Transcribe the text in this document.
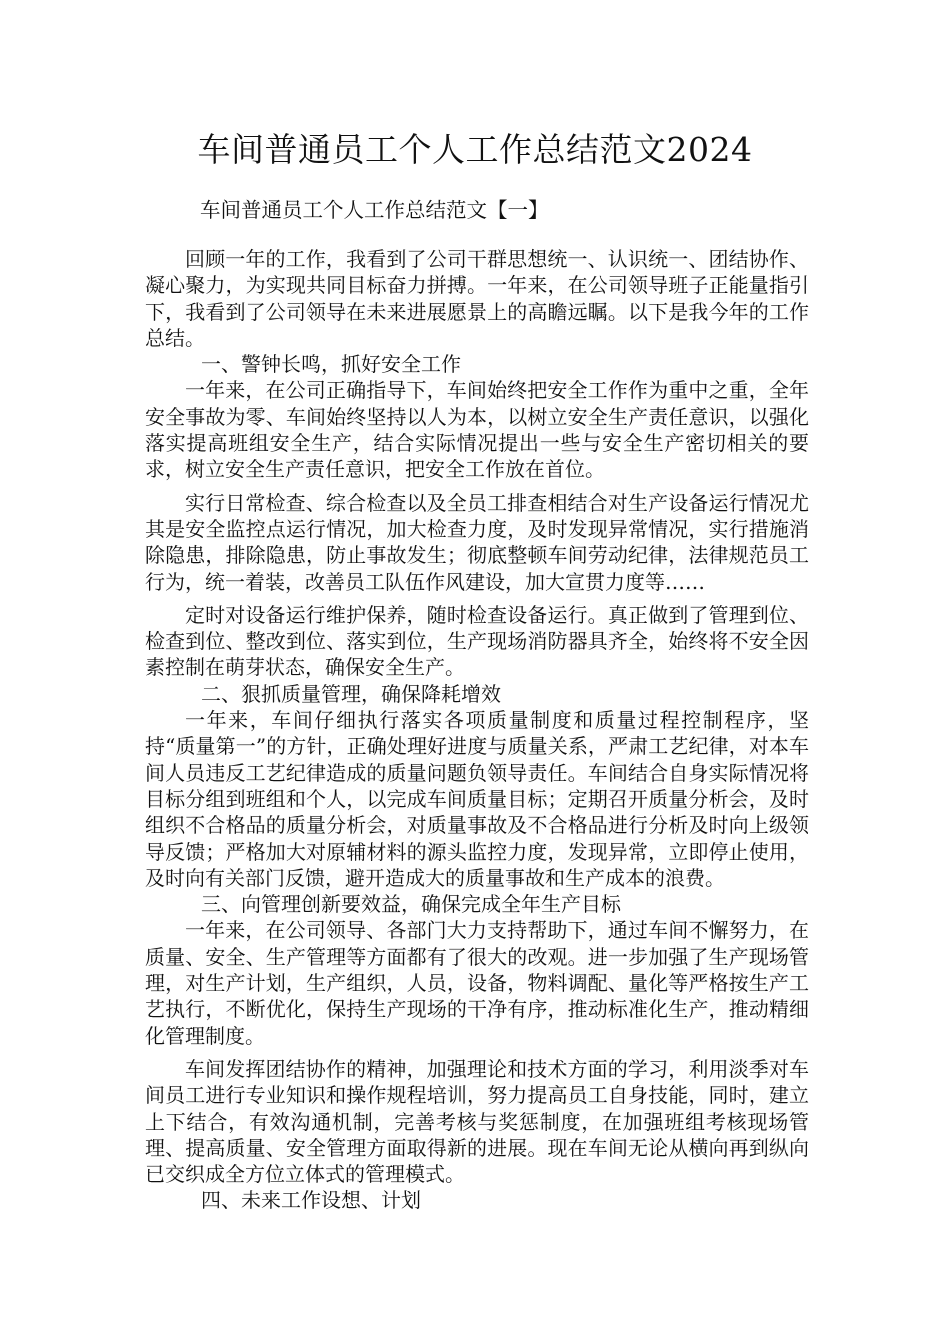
车间普通员工个人工作总结范文2024

车间普通员工个人工作总结范文【一】

回顾一年的工作，我看到了公司干群思想统一、认识统一、团结协作、凝心聚力，为实现共同目标奋力拼搏。一年来，在公司领导班子正能量指引下，我看到了公司领导在未来进展愿景上的高瞻远瞩。以下是我今年的工作总结。

一、警钟长鸣，抓好安全工作

一年来，在公司正确指导下，车间始终把安全工作作为重中之重，全年安全事故为零、车间始终坚持以人为本，以树立安全生产责任意识，以强化落实提高班组安全生产，结合实际情况提出一些与安全生产密切相关的要求，树立安全生产责任意识，把安全工作放在首位。

实行日常检查、综合检查以及全员工排查相结合对生产设备运行情况尤其是安全监控点运行情况，加大检查力度，及时发现异常情况，实行措施消除隐患，排除隐患，防止事故发生；彻底整顿车间劳动纪律，法律规范员工行为，统一着装，改善员工队伍作风建设，加大宣贯力度等……

定时对设备运行维护保养，随时检查设备运行。真正做到了管理到位、检查到位、整改到位、落实到位，生产现场消防器具齐全，始终将不安全因素控制在萌芽状态，确保安全生产。

二、狠抓质量管理，确保降耗增效

一年来，车间仔细执行落实各项质量制度和质量过程控制程序，坚持“质量第一”的方针，正确处理好进度与质量关系，严肃工艺纪律，对本车间人员违反工艺纪律造成的质量问题负领导责任。车间结合自身实际情况将目标分组到班组和个人，以完成车间质量目标；定期召开质量分析会，及时组织不合格品的质量分析会，对质量事故及不合格品进行分析及时向上级领导反馈；严格加大对原辅材料的源头监控力度，发现异常，立即停止使用，及时向有关部门反馈，避开造成大的质量事故和生产成本的浪费。

三、向管理创新要效益，确保完成全年生产目标

一年来，在公司领导、各部门大力支持帮助下，通过车间不懈努力，在质量、安全、生产管理等方面都有了很大的改观。进一步加强了生产现场管理，对生产计划，生产组织，人员，设备，物料调配、量化等严格按生产工艺执行，不断优化，保持生产现场的干净有序，推动标准化生产，推动精细化管理制度。

车间发挥团结协作的精神，加强理论和技术方面的学习，利用淡季对车间员工进行专业知识和操作规程培训，努力提高员工自身技能，同时，建立上下结合，有效沟通机制，完善考核与奖惩制度，在加强班组考核现场管理、提高质量、安全管理方面取得新的进展。现在车间无论从横向再到纵向已交织成全方位立体式的管理模式。

四、未来工作设想、计划
